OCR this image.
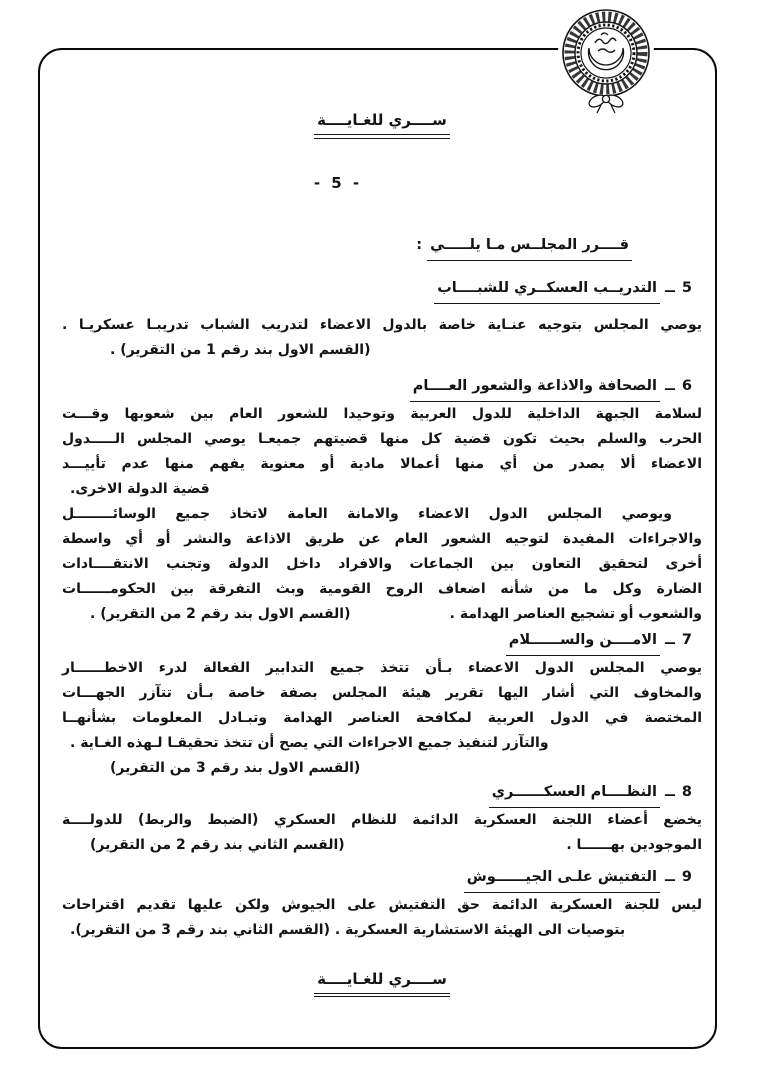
ســــري للغـايــــة
- 5 -
قــــرر المجلــس مـا يلـــــي :
5ــالتدريــب العسكــري للشبــــاب
يوصي المجلس بتوجيه عنـاية خاصة بالدول الاعضاء لتدريب الشباب تدريبـا عسكريـا .
(القسم الاول بند رقم 1 من التقرير) .
6ــالصحافة والاذاعة والشعور العــــام
لسلامة الجبهة الداخلية للدول العربية وتوحيدا للشعور العام بين شعوبها وقـــت
الحرب والسلم بحيث تكون قضية كل منها قضيتهم جميعـا يوصي المجلس الـــــدول
الاعضاء ألا يصدر من أي منها أعمالا مادية أو معنوية يفهم منها عدم تأييـــد
قضية الدولة الاخرى.
ويوصي المجلس الدول الاعضاء والامانة العامة لاتخاذ جميع الوسائــــــــل
والاجراءات المفيدة لتوجيه الشعور العام عن طريق الاذاعة والنشر أو أي واسطة
أخرى لتحقيق التعاون بين الجماعات والافراد داخل الدولة وتجنب الانتقــــادات
الضارة وكل ما من شأنه اضعاف الروح القومية وبث التفرقة بين الحكومــــــات
والشعوب أو تشجيع العناصر الهدامة .
(القسم الاول بند رقم 2 من التقرير) .
7ــالامــــن والســــــلام
يوصي المجلس الدول الاعضاء بـأن تتخذ جميع التدابير الفعالة لدرء الاخطــــــار
والمخاوف التي أشار اليها تقرير هيئة المجلس بصفة خاصة بـأن تتآزر الجهـــات
المختصة في الدول العربية لمكافحة العناصر الهدامة وتبـادل المعلومات بشأنهــا
والتآزر لتنفيذ جميع الاجراءات التي يصح أن تتخذ تحقيقـا لـهذه الغـاية .
(القسم الاول بند رقم 3 من التقرير)
8ــالنظــــام العسكــــــري
يخضع أعضاء اللجنة العسكرية الدائمة للنظام العسكري (الضبط والربط) للدولــــة
الموجودين بهــــــا .
(القسم الثاني بند رقم 2 من التقرير)
9ــالتفتيش علـى الجيــــــوش
ليس للجنة العسكرية الدائمة حق التفتيش على الجيوش ولكن عليها تقديم اقتراحات
بتوصيات الى الهيئة الاستشارية العسكرية . (القسم الثاني بند رقم 3 من التقرير).
ســــري للغـايــــة
